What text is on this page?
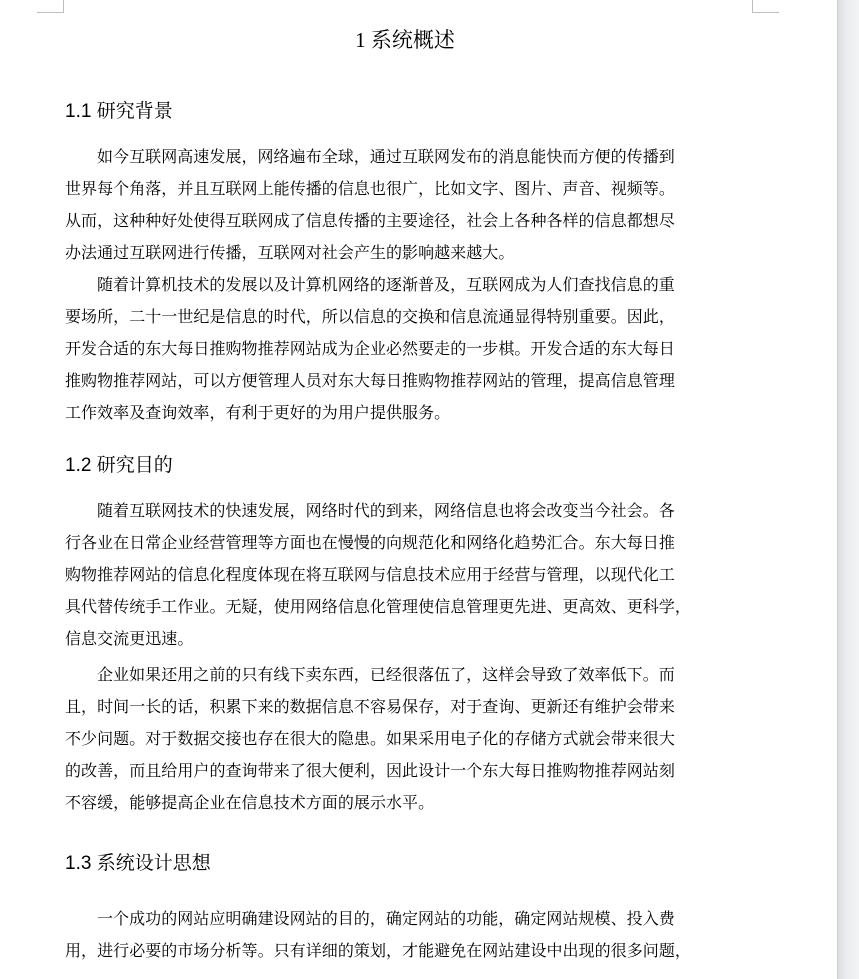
1 系统概述
1.1 研究背景
如今互联网高速发展，网络遍布全球，通过互联网发布的消息能快而方便的传播到
世界每个角落，并且互联网上能传播的信息也很广，比如文字、图片、声音、视频等。
从而，这种种好处使得互联网成了信息传播的主要途径，社会上各种各样的信息都想尽
办法通过互联网进行传播，互联网对社会产生的影响越来越大。
随着计算机技术的发展以及计算机网络的逐渐普及，互联网成为人们查找信息的重
要场所，二十一世纪是信息的时代，所以信息的交换和信息流通显得特别重要。因此，
开发合适的东大每日推购物推荐网站成为企业必然要走的一步棋。开发合适的东大每日
推购物推荐网站，可以方便管理人员对东大每日推购物推荐网站的管理，提高信息管理
工作效率及查询效率，有利于更好的为用户提供服务。
1.2 研究目的
随着互联网技术的快速发展，网络时代的到来，网络信息也将会改变当今社会。各
行各业在日常企业经营管理等方面也在慢慢的向规范化和网络化趋势汇合。东大每日推
购物推荐网站的信息化程度体现在将互联网与信息技术应用于经营与管理，以现代化工
具代替传统手工作业。无疑，使用网络信息化管理使信息管理更先进、更高效、更科学，
信息交流更迅速。
企业如果还用之前的只有线下卖东西，已经很落伍了，这样会导致了效率低下。而
且，时间一长的话，积累下来的数据信息不容易保存，对于查询、更新还有维护会带来
不少问题。对于数据交接也存在很大的隐患。如果采用电子化的存储方式就会带来很大
的改善，而且给用户的查询带来了很大便利，因此设计一个东大每日推购物推荐网站刻
不容缓，能够提高企业在信息技术方面的展示水平。
1.3 系统设计思想
一个成功的网站应明确建设网站的目的，确定网站的功能，确定网站规模、投入费
用，进行必要的市场分析等。只有详细的策划，才能避免在网站建设中出现的很多问题，
